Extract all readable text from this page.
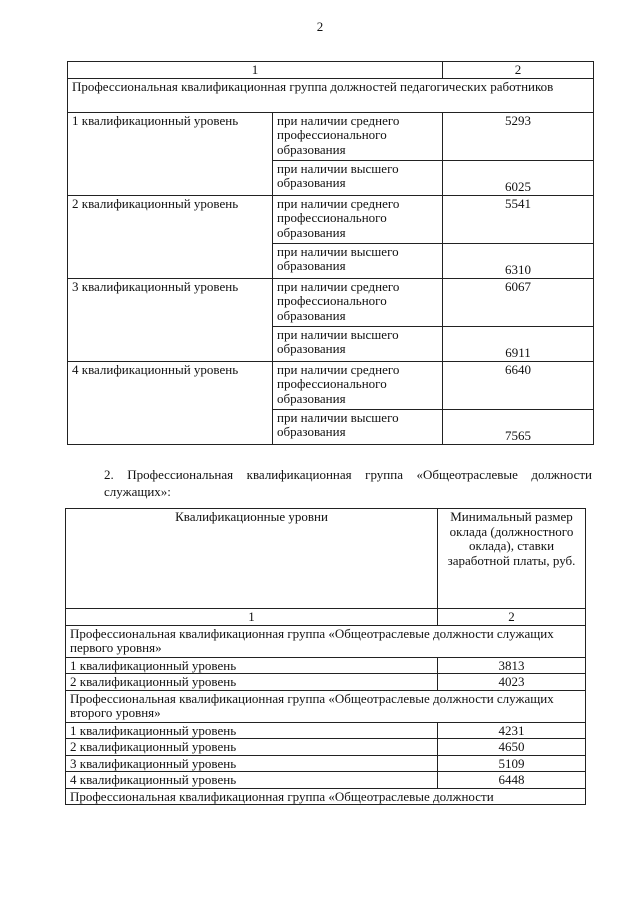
2
1		2
Профессиональная квалификационная группа должностей педагогических работников		
1 квалификационный уровень	при наличии среднего профессионального образования	5293
	при наличии высшего образования	6025
2 квалификационный уровень	при наличии среднего профессионального образования	5541
	при наличии высшего образования	6310
3 квалификационный уровень	при наличии среднего профессионального образования	6067
	при наличии высшего образования	6911
4 квалификационный уровень	при наличии среднего профессионального образования	6640
	при наличии высшего образования	7565
2. Профессиональная квалификационная группа «Общеотраслевые должности служащих»:
Квалификационные уровни	Минимальный размер оклада (должностного оклада), ставки заработной платы, руб.
1	2
Профессиональная квалификационная группа «Общеотраслевые должности служащих первого уровня»	
1 квалификационный уровень	3813
2 квалификационный уровень	4023
Профессиональная квалификационная группа «Общеотраслевые должности служащих второго уровня»	
1 квалификационный уровень	4231
2 квалификационный уровень	4650
3 квалификационный уровень	5109
4 квалификационный уровень	6448
Профессиональная квалификационная группа «Общеотраслевые должности	
